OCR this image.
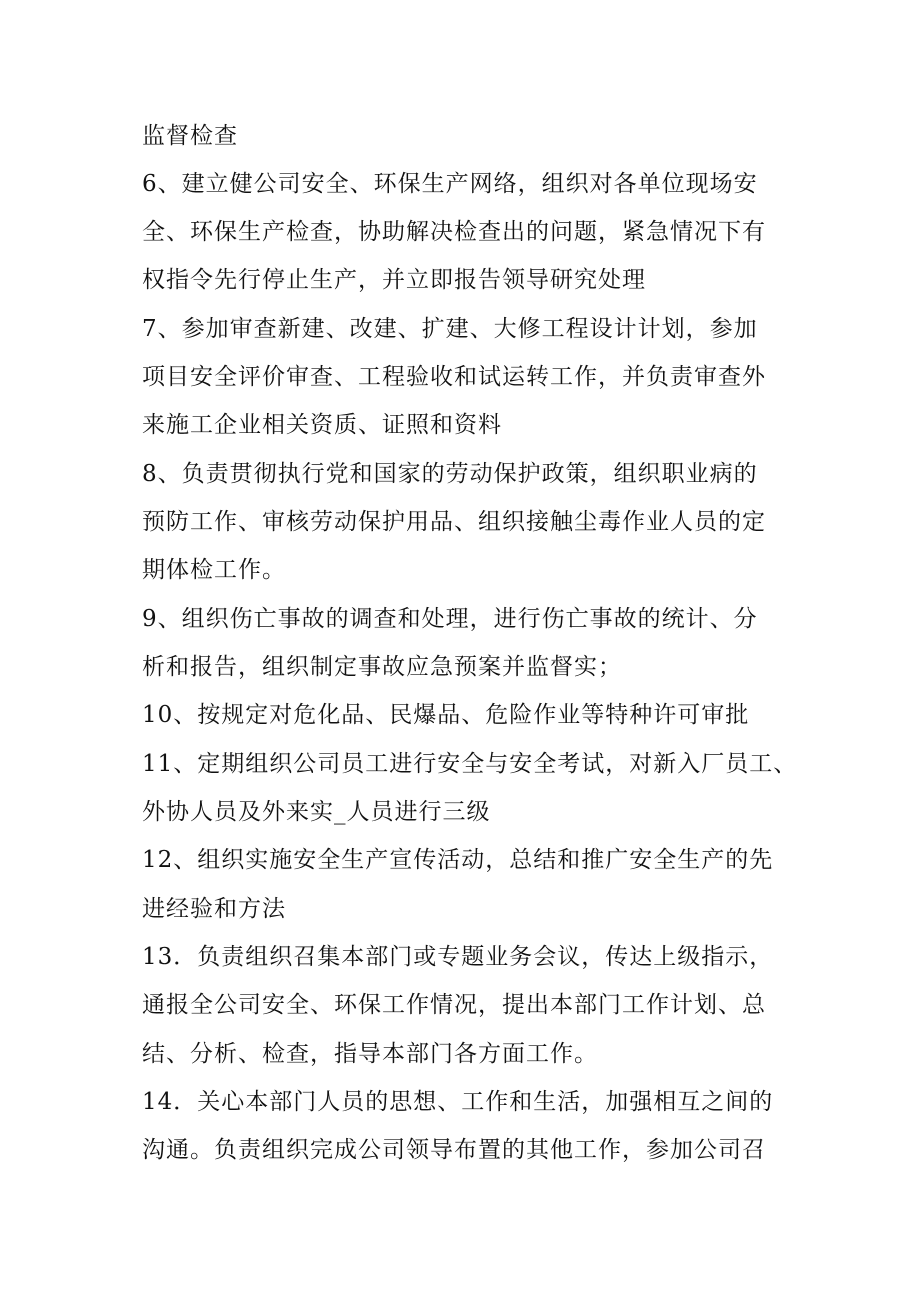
监督检查
6、建立健公司安全、环保生产网络，组织对各单位现场安
全、环保生产检查，协助解决检查出的问题，紧急情况下有
权指令先行停止生产，并立即报告领导研究处理
7、参加审查新建、改建、扩建、大修工程设计计划，参加
项目安全评价审查、工程验收和试运转工作，并负责审查外
来施工企业相关资质、证照和资料
8、负责贯彻执行党和国家的劳动保护政策，组织职业病的
预防工作、审核劳动保护用品、组织接触尘毒作业人员的定
期体检工作。
9、组织伤亡事故的调查和处理，进行伤亡事故的统计、分
析和报告，组织制定事故应急预案并监督实；
10、按规定对危化品、民爆品、危险作业等特种许可审批
11、定期组织公司员工进行安全与安全考试，对新入厂员工、
外协人员及外来实_人员进行三级
12、组织实施安全生产宣传活动，总结和推广安全生产的先
进经验和方法
13．负责组织召集本部门或专题业务会议，传达上级指示，
通报全公司安全、环保工作情况，提出本部门工作计划、总
结、分析、检查，指导本部门各方面工作。
14．关心本部门人员的思想、工作和生活，加强相互之间的
沟通。负责组织完成公司领导布置的其他工作，参加公司召
